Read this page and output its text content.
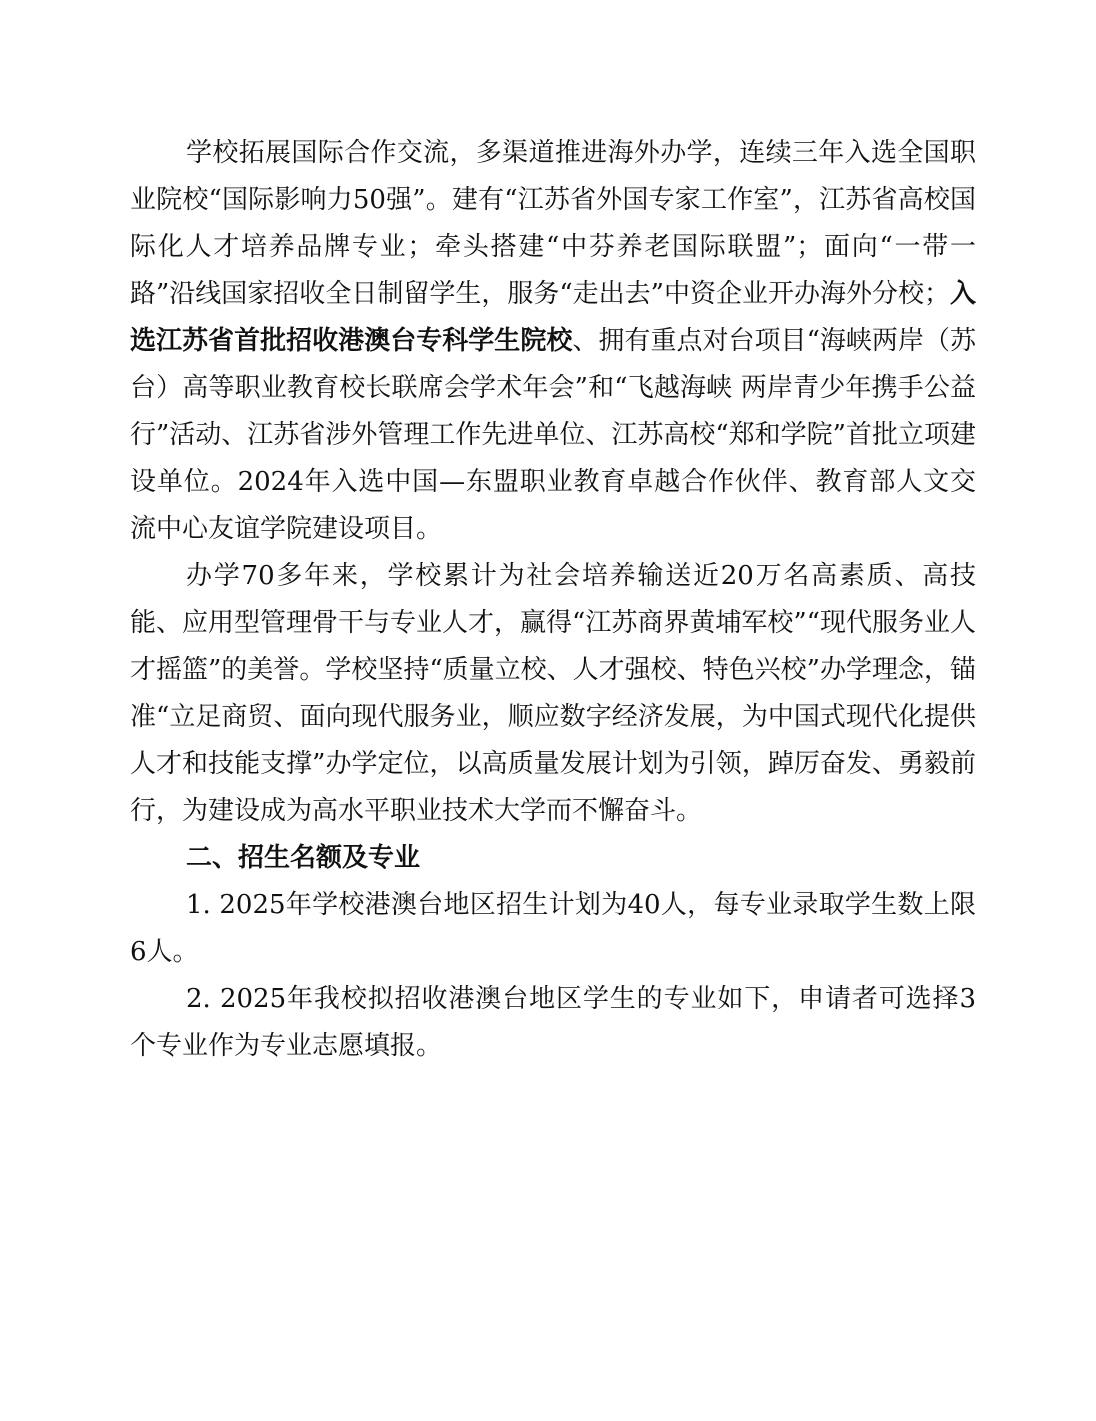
学校拓展国际合作交流，多渠道推进海外办学，连续三年入选全国职业院校“国际影响力50强”。建有“江苏省外国专家工作室”，江苏省高校国际化人才培养品牌专业；牵头搭建“中芬养老国际联盟”；面向“一带一路”沿线国家招收全日制留学生，服务“走出去”中资企业开办海外分校；入选江苏省首批招收港澳台专科学生院校、拥有重点对台项目“海峡两岸（苏台）高等职业教育校长联席会学术年会”和“飞越海峡 两岸青少年携手公益行”活动、江苏省涉外管理工作先进单位、江苏高校“郑和学院”首批立项建设单位。2024年入选中国—东盟职业教育卓越合作伙伴、教育部人文交流中心友谊学院建设项目。

办学70多年来，学校累计为社会培养输送近20万名高素质、高技能、应用型管理骨干与专业人才，赢得“江苏商界黄埔军校”“现代服务业人才摇篮”的美誉。学校坚持“质量立校、人才强校、特色兴校”办学理念，锚准“立足商贸、面向现代服务业，顺应数字经济发展，为中国式现代化提供人才和技能支撑”办学定位，以高质量发展计划为引领，踔厉奋发、勇毅前行，为建设成为高水平职业技术大学而不懈奋斗。

二、招生名额及专业

1. 2025年学校港澳台地区招生计划为40人，每专业录取学生数上限6人。

2. 2025年我校拟招收港澳台地区学生的专业如下，申请者可选择3个专业作为专业志愿填报。
